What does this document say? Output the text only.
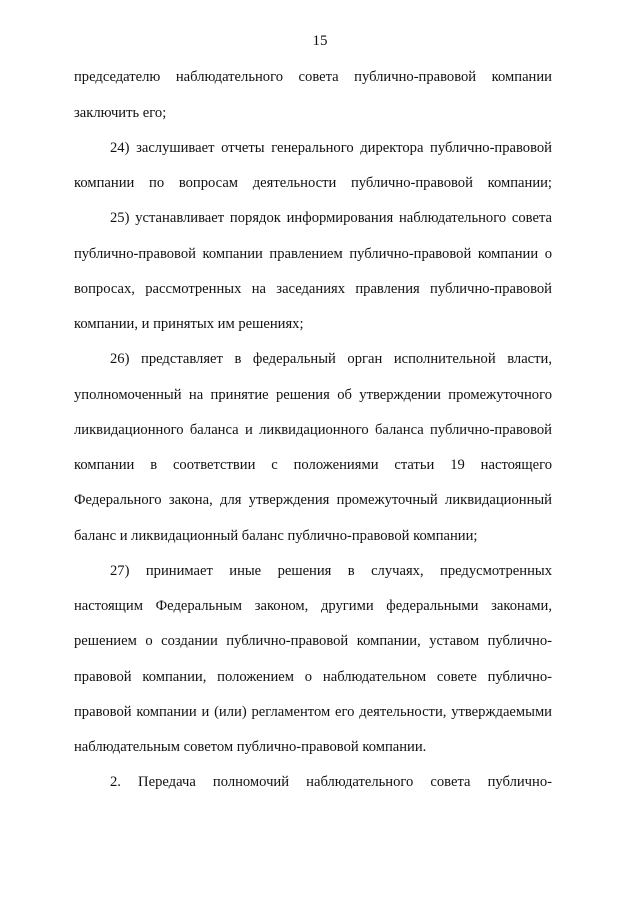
15
председателю наблюдательного совета публично-правовой компании
заключить его;
24) заслушивает отчеты генерального директора публично-правовой
компании по вопросам деятельности публично-правовой компании;
25) устанавливает порядок информирования наблюдательного совета
публично-правовой компании правлением публично-правовой компании о
вопросах, рассмотренных на заседаниях правления публично-правовой
компании, и принятых им решениях;
26) представляет в федеральный орган исполнительной власти,
уполномоченный на принятие решения об утверждении промежуточного
ликвидационного баланса и ликвидационного баланса публично-правовой
компании в соответствии с положениями статьи 19 настоящего
Федерального закона, для утверждения промежуточный ликвидационный
баланс и ликвидационный баланс публично-правовой компании;
27) принимает иные решения в случаях, предусмотренных
настоящим Федеральным законом, другими федеральными законами,
решением о создании публично-правовой компании, уставом публично-
правовой компании, положением о наблюдательном совете публично-
правовой компании и (или) регламентом его деятельности, утверждаемыми
наблюдательным советом публично-правовой компании.
2. Передача полномочий наблюдательного совета публично-
